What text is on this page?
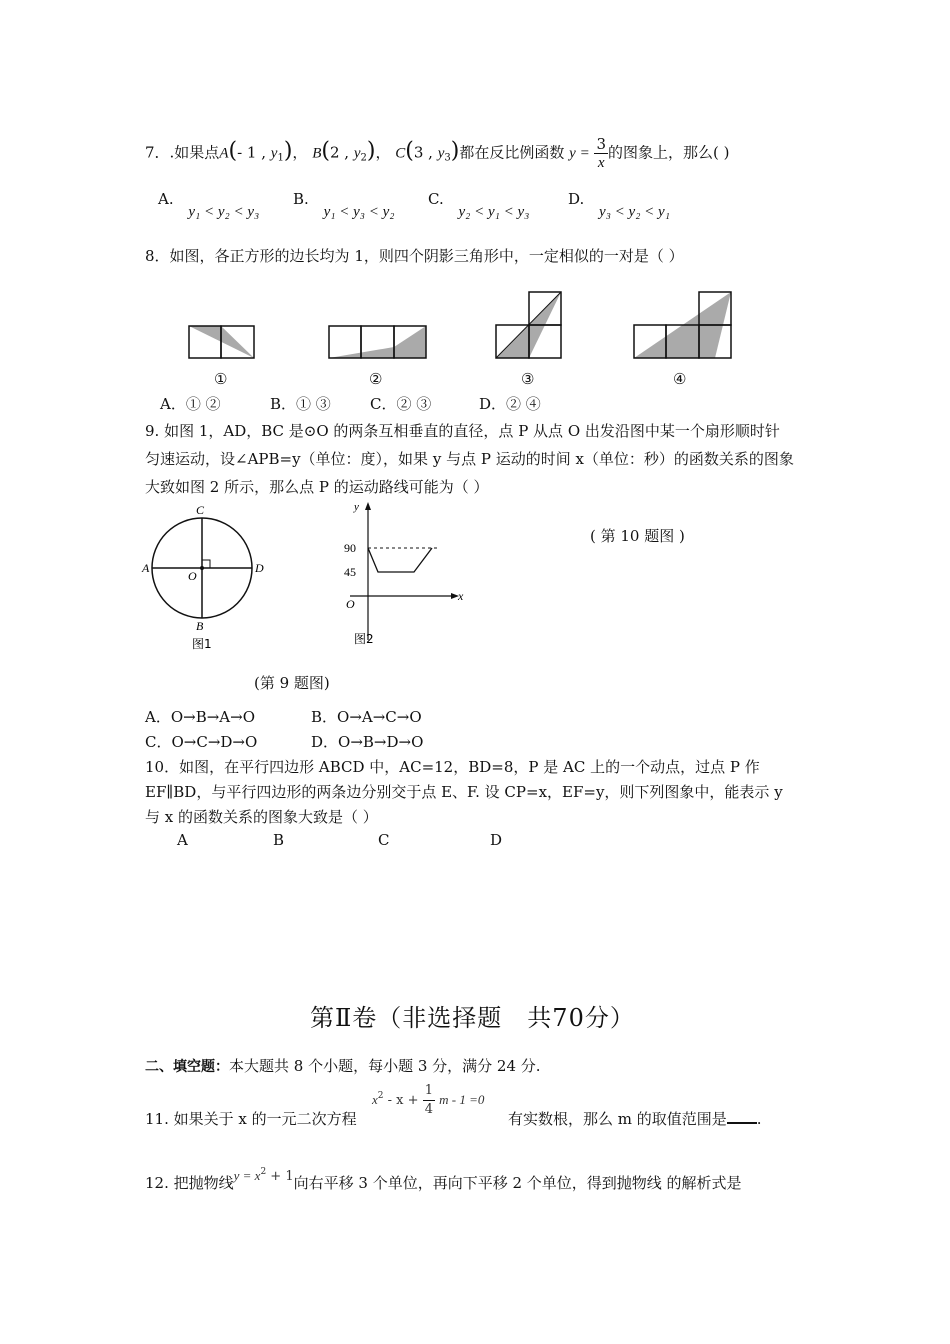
7．.如果点A(- 1 , $y_1$)， B(2 , $y_2$)， C(3 , $y_3$)都在反比例函数 $y = \frac{3}{x}$ 的图象上，那么( )
A. y₁ < y₂ < y₃
B. y₁ < y₃ < y₂
C. y₂ < y₁ < y₃
D. y₃ < y₂ < y₁
8．如图，各正方形的边长均为 1，则四个阴影三角形中，一定相似的一对是（ ）
①	②	③	④
A．① ②	B．① ③	C．② ③	D．② ④
9. 如图 1，AD，BC 是⊙O 的两条互相垂直的直径，点 P 从点 O 出发沿图中某一个扇形顺时针
匀速运动，设∠APB=y（单位：度），如果 y 与点 P 运动的时间 x（单位：秒）的函数关系的图象
大致如图 2 所示，那么点 P 的运动路线可能为（ ）
C
A
O
D
B
图1
y
x
O
90
45
图2
( 第 10 题图 )
(第 9 题图)
A．O→B→A→O	B．O→A→C→O
C．O→C→D→O	D．O→B→D→O
10．如图，在平行四边形 ABCD 中，AC=12，BD=8，P 是 AC 上的一个动点，过点 P 作
EF∥BD，与平行四边形的两条边分别交于点 E、F. 设 CP=x，EF=y，则下列图象中，能表示 y
与 x 的函数关系的图象大致是（ ）
A	B	C	D
第Ⅱ卷（非选择题　共70分）
二、填空题：本大题共 8 个小题，每小题 3 分，满分 24 分.
11. 如果关于 x 的一元二次方程
$x^2 - x + \frac{1}{4}$ m - 1 =0
有实数根，那么 m 的取值范围是 .
12. 把抛物线$y = x^2 + 1$向右平移 3 个单位，再向下平移 2 个单位，得到抛物线 的解析式是
